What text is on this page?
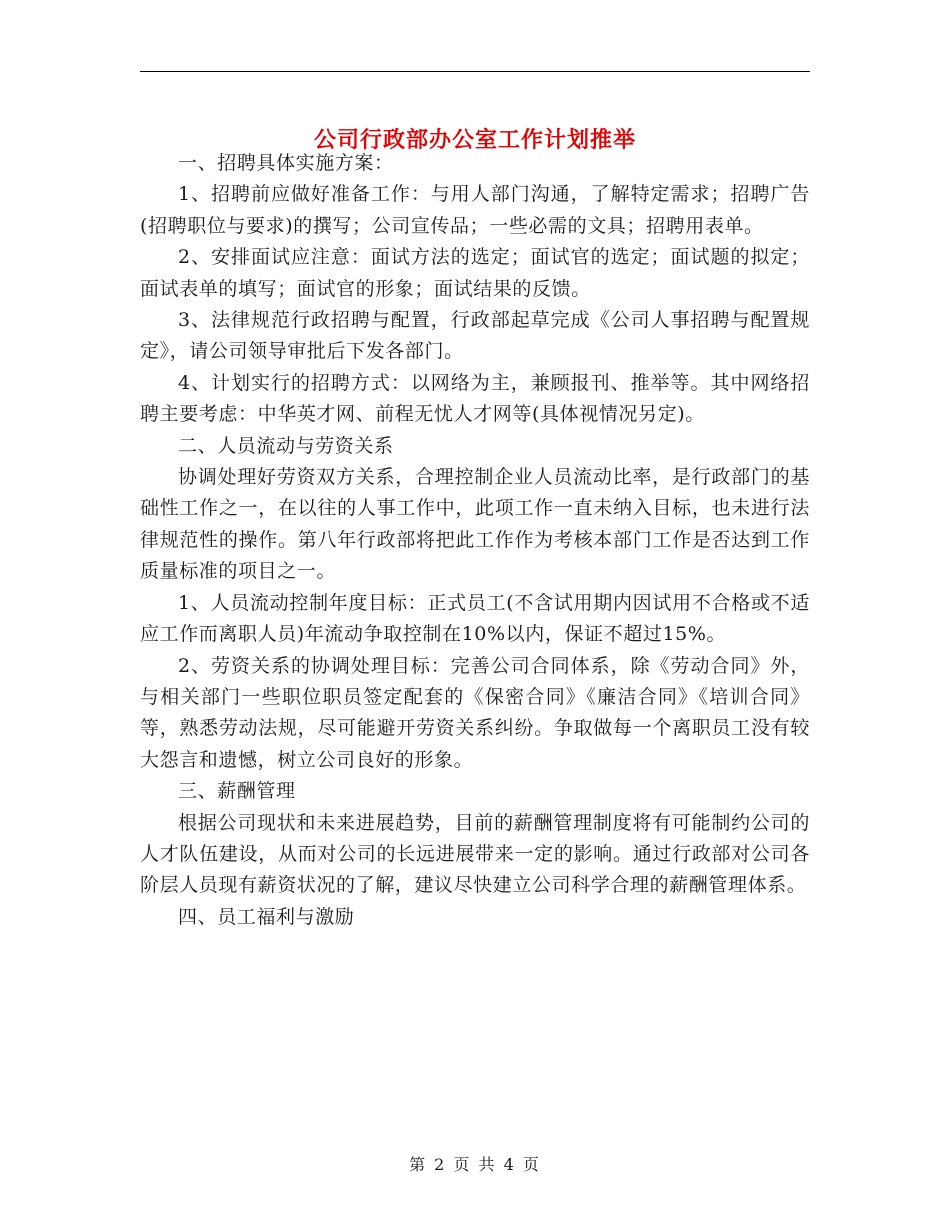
公司行政部办公室工作计划推举

一、招聘具体实施方案：

1、招聘前应做好准备工作：与用人部门沟通，了解特定需求；招聘广告(招聘职位与要求)的撰写；公司宣传品；一些必需的文具；招聘用表单。

2、安排面试应注意：面试方法的选定；面试官的选定；面试题的拟定；面试表单的填写；面试官的形象；面试结果的反馈。

3、法律规范行政招聘与配置，行政部起草完成《公司人事招聘与配置规定》，请公司领导审批后下发各部门。

4、计划实行的招聘方式：以网络为主，兼顾报刊、推举等。其中网络招聘主要考虑：中华英才网、前程无忧人才网等(具体视情况另定)。

二、人员流动与劳资关系

协调处理好劳资双方关系，合理控制企业人员流动比率，是行政部门的基础性工作之一，在以往的人事工作中，此项工作一直未纳入目标，也未进行法律规范性的操作。第八年行政部将把此工作作为考核本部门工作是否达到工作质量标准的项目之一。

1、人员流动控制年度目标：正式员工(不含试用期内因试用不合格或不适应工作而离职人员)年流动争取控制在10%以内，保证不超过15%。

2、劳资关系的协调处理目标：完善公司合同体系，除《劳动合同》外，与相关部门一些职位职员签定配套的《保密合同》《廉洁合同》《培训合同》等，熟悉劳动法规，尽可能避开劳资关系纠纷。争取做每一个离职员工没有较大怨言和遗憾，树立公司良好的形象。

三、薪酬管理

根据公司现状和未来进展趋势，目前的薪酬管理制度将有可能制约公司的人才队伍建设，从而对公司的长远进展带来一定的影响。通过行政部对公司各阶层人员现有薪资状况的了解，建议尽快建立公司科学合理的薪酬管理体系。

四、员工福利与激励

第 2 页 共 4 页
